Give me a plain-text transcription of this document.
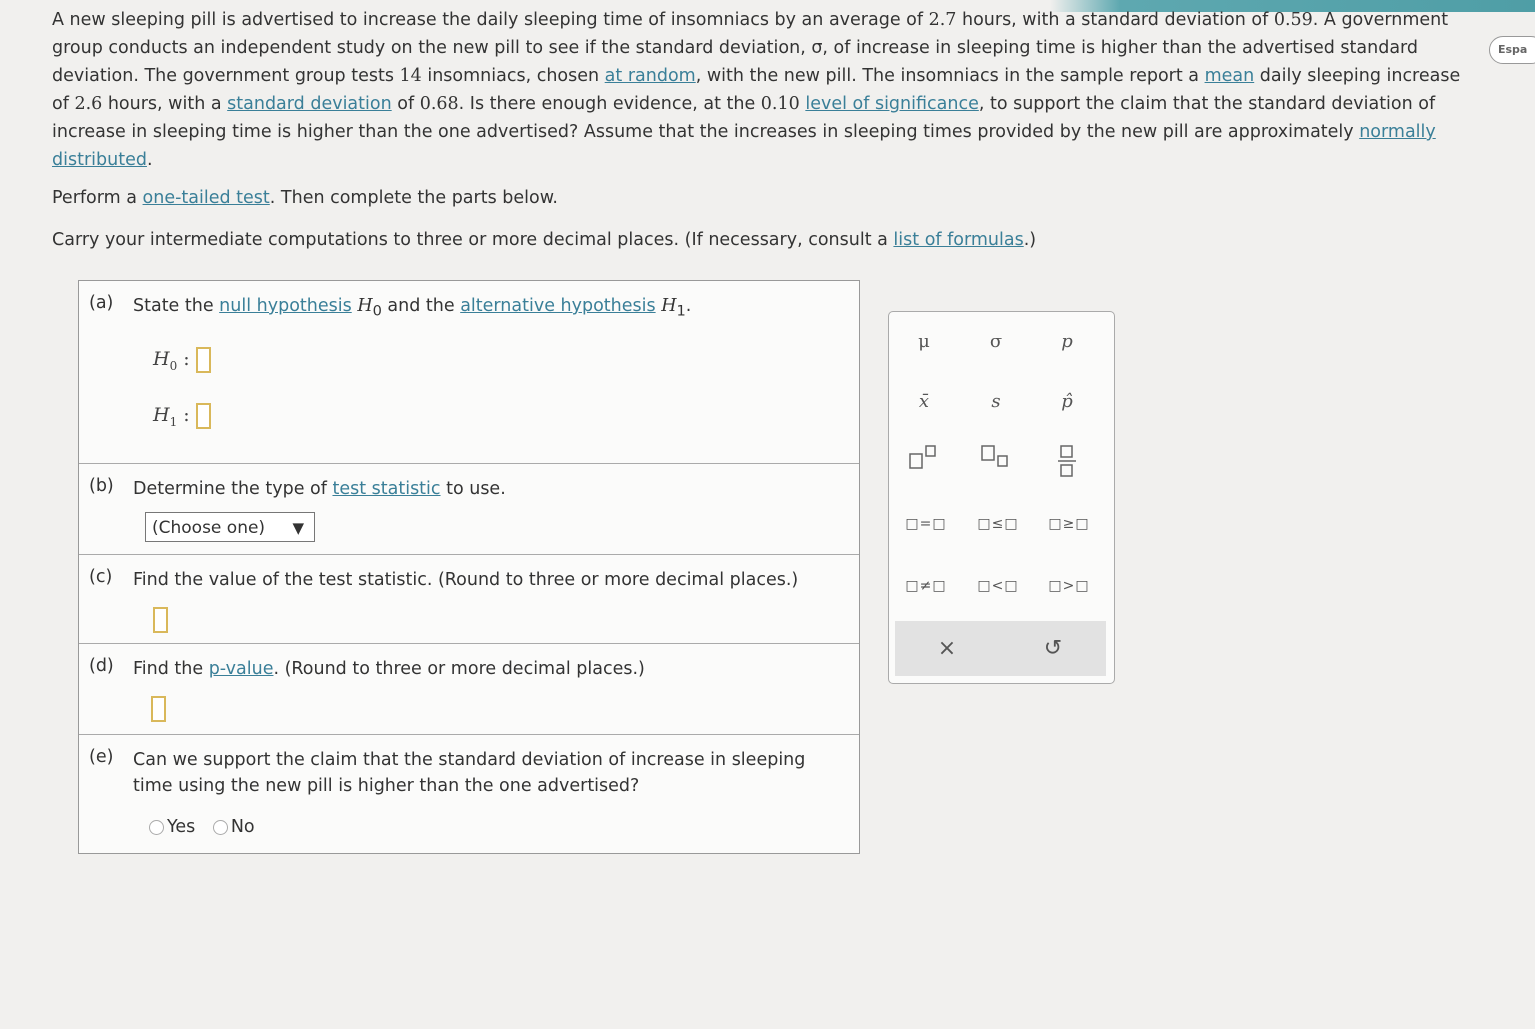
Espa

A new sleeping pill is advertised to increase the daily sleeping time of insomniacs by an average of 2.7 hours, with a standard deviation of 0.59. A government group conducts an independent study on the new pill to see if the standard deviation, σ, of increase in sleeping time is higher than the advertised standard deviation. The government group tests 14 insomniacs, chosen at random, with the new pill. The insomniacs in the sample report a mean daily sleeping increase of 2.6 hours, with a standard deviation of 0.68. Is there enough evidence, at the 0.10 level of significance, to support the claim that the standard deviation of increase in sleeping time is higher than the one advertised? Assume that the increases in sleeping times provided by the new pill are approximately normally distributed.

Perform a one-tailed test. Then complete the parts below.
Carry your intermediate computations to three or more decimal places. (If necessary, consult a list of formulas.)
(a) State the null hypothesis $H_0$ and the alternative hypothesis $H_1$.
$H_0$ :
$H_1$ :
(b) Determine the type of test statistic to use.
(Choose one) ▼
(c) Find the value of the test statistic. (Round to three or more decimal places.)
(d) Find the p-value. (Round to three or more decimal places.)
(e) Can we support the claim that the standard deviation of increase in sleeping time using the new pill is higher than the one advertised?
Yes No
μ	σ	p
x̄	s	p̂
□=□	□≤□	□≥□
□≠□	□<□	□>□
×	↺
